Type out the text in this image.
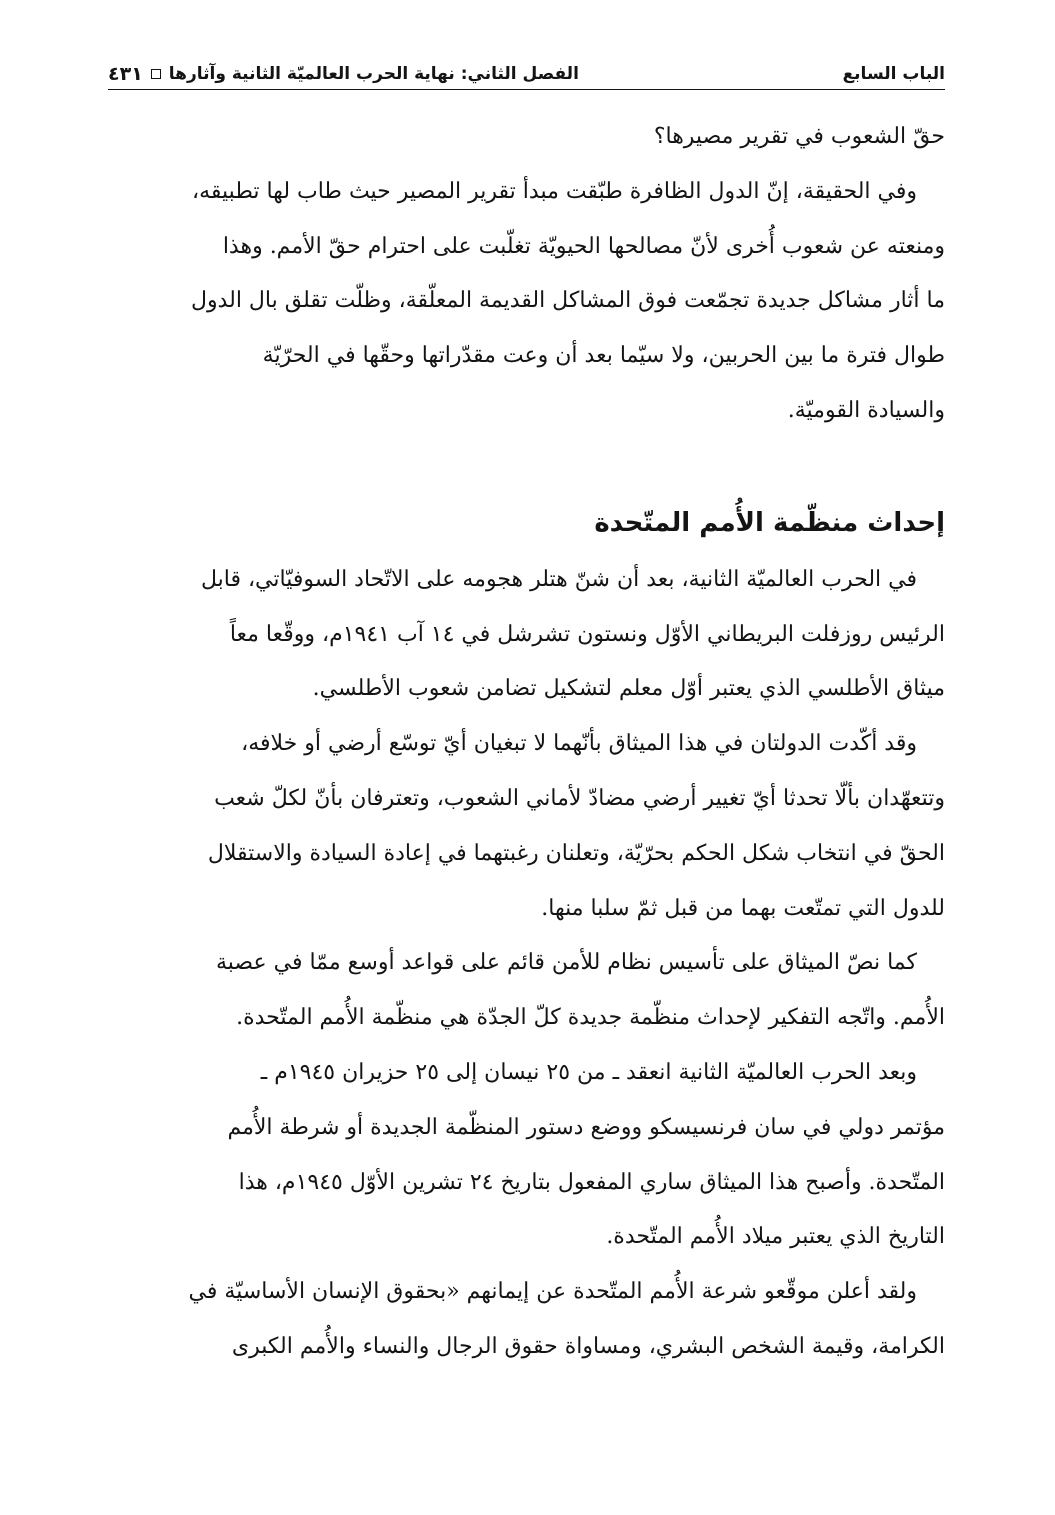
الباب السابع
الفصل الثاني: نهاية الحرب العالميّة الثانية وآثارها
٤٣١

حقّ الشعوب في تقرير مصيرها؟

وفي الحقيقة، إنّ الدول الظافرة طبّقت مبدأ تقرير المصير حيث طاب لها تطبيقه،

ومنعته عن شعوب أُخرى لأنّ مصالحها الحيويّة تغلّبت على احترام حقّ الأمم. وهذا

ما أثار مشاكل جديدة تجمّعت فوق المشاكل القديمة المعلّقة، وظلّت تقلق بال الدول

طوال فترة ما بين الحربين، ولا سيّما بعد أن وعت مقدّراتها وحقّها في الحرّيّة

والسيادة القوميّة.

إحداث منظّمة الأُمم المتّحدة

في الحرب العالميّة الثانية، بعد أن شنّ هتلر هجومه على الاتّحاد السوفيّاتي، قابل

الرئيس روزفلت البريطاني الأوّل ونستون تشرشل في ١٤ آب ١٩٤١م، ووقّعا معاً

ميثاق الأطلسي الذي يعتبر أوّل معلم لتشكيل تضامن شعوب الأطلسي.

وقد أكّدت الدولتان في هذا الميثاق بأنّهما لا تبغيان أيّ توسّع أرضي أو خلافه،

وتتعهّدان بألّا تحدثا أيّ تغيير أرضي مضادّ لأماني الشعوب، وتعترفان بأنّ لكلّ شعب

الحقّ في انتخاب شكل الحكم بحرّيّة، وتعلنان رغبتهما في إعادة السيادة والاستقلال

للدول التي تمتّعت بهما من قبل ثمّ سلبا منها.

كما نصّ الميثاق على تأسيس نظام للأمن قائم على قواعد أوسع ممّا في عصبة

الأُمم. واتّجه التفكير لإحداث منظّمة جديدة كلّ الجدّة هي منظّمة الأُمم المتّحدة.

وبعد الحرب العالميّة الثانية انعقد ـ من ٢٥ نيسان إلى ٢٥ حزيران ١٩٤٥م ـ

مؤتمر دولي في سان فرنسيسكو ووضع دستور المنظّمة الجديدة أو شرطة الأُمم

المتّحدة. وأصبح هذا الميثاق ساري المفعول بتاريخ ٢٤ تشرين الأوّل ١٩٤٥م، هذا

التاريخ الذي يعتبر ميلاد الأُمم المتّحدة.

ولقد أعلن موقّعو شرعة الأُمم المتّحدة عن إيمانهم «بحقوق الإنسان الأساسيّة في

الكرامة، وقيمة الشخص البشري، ومساواة حقوق الرجال والنساء والأُمم الكبرى
